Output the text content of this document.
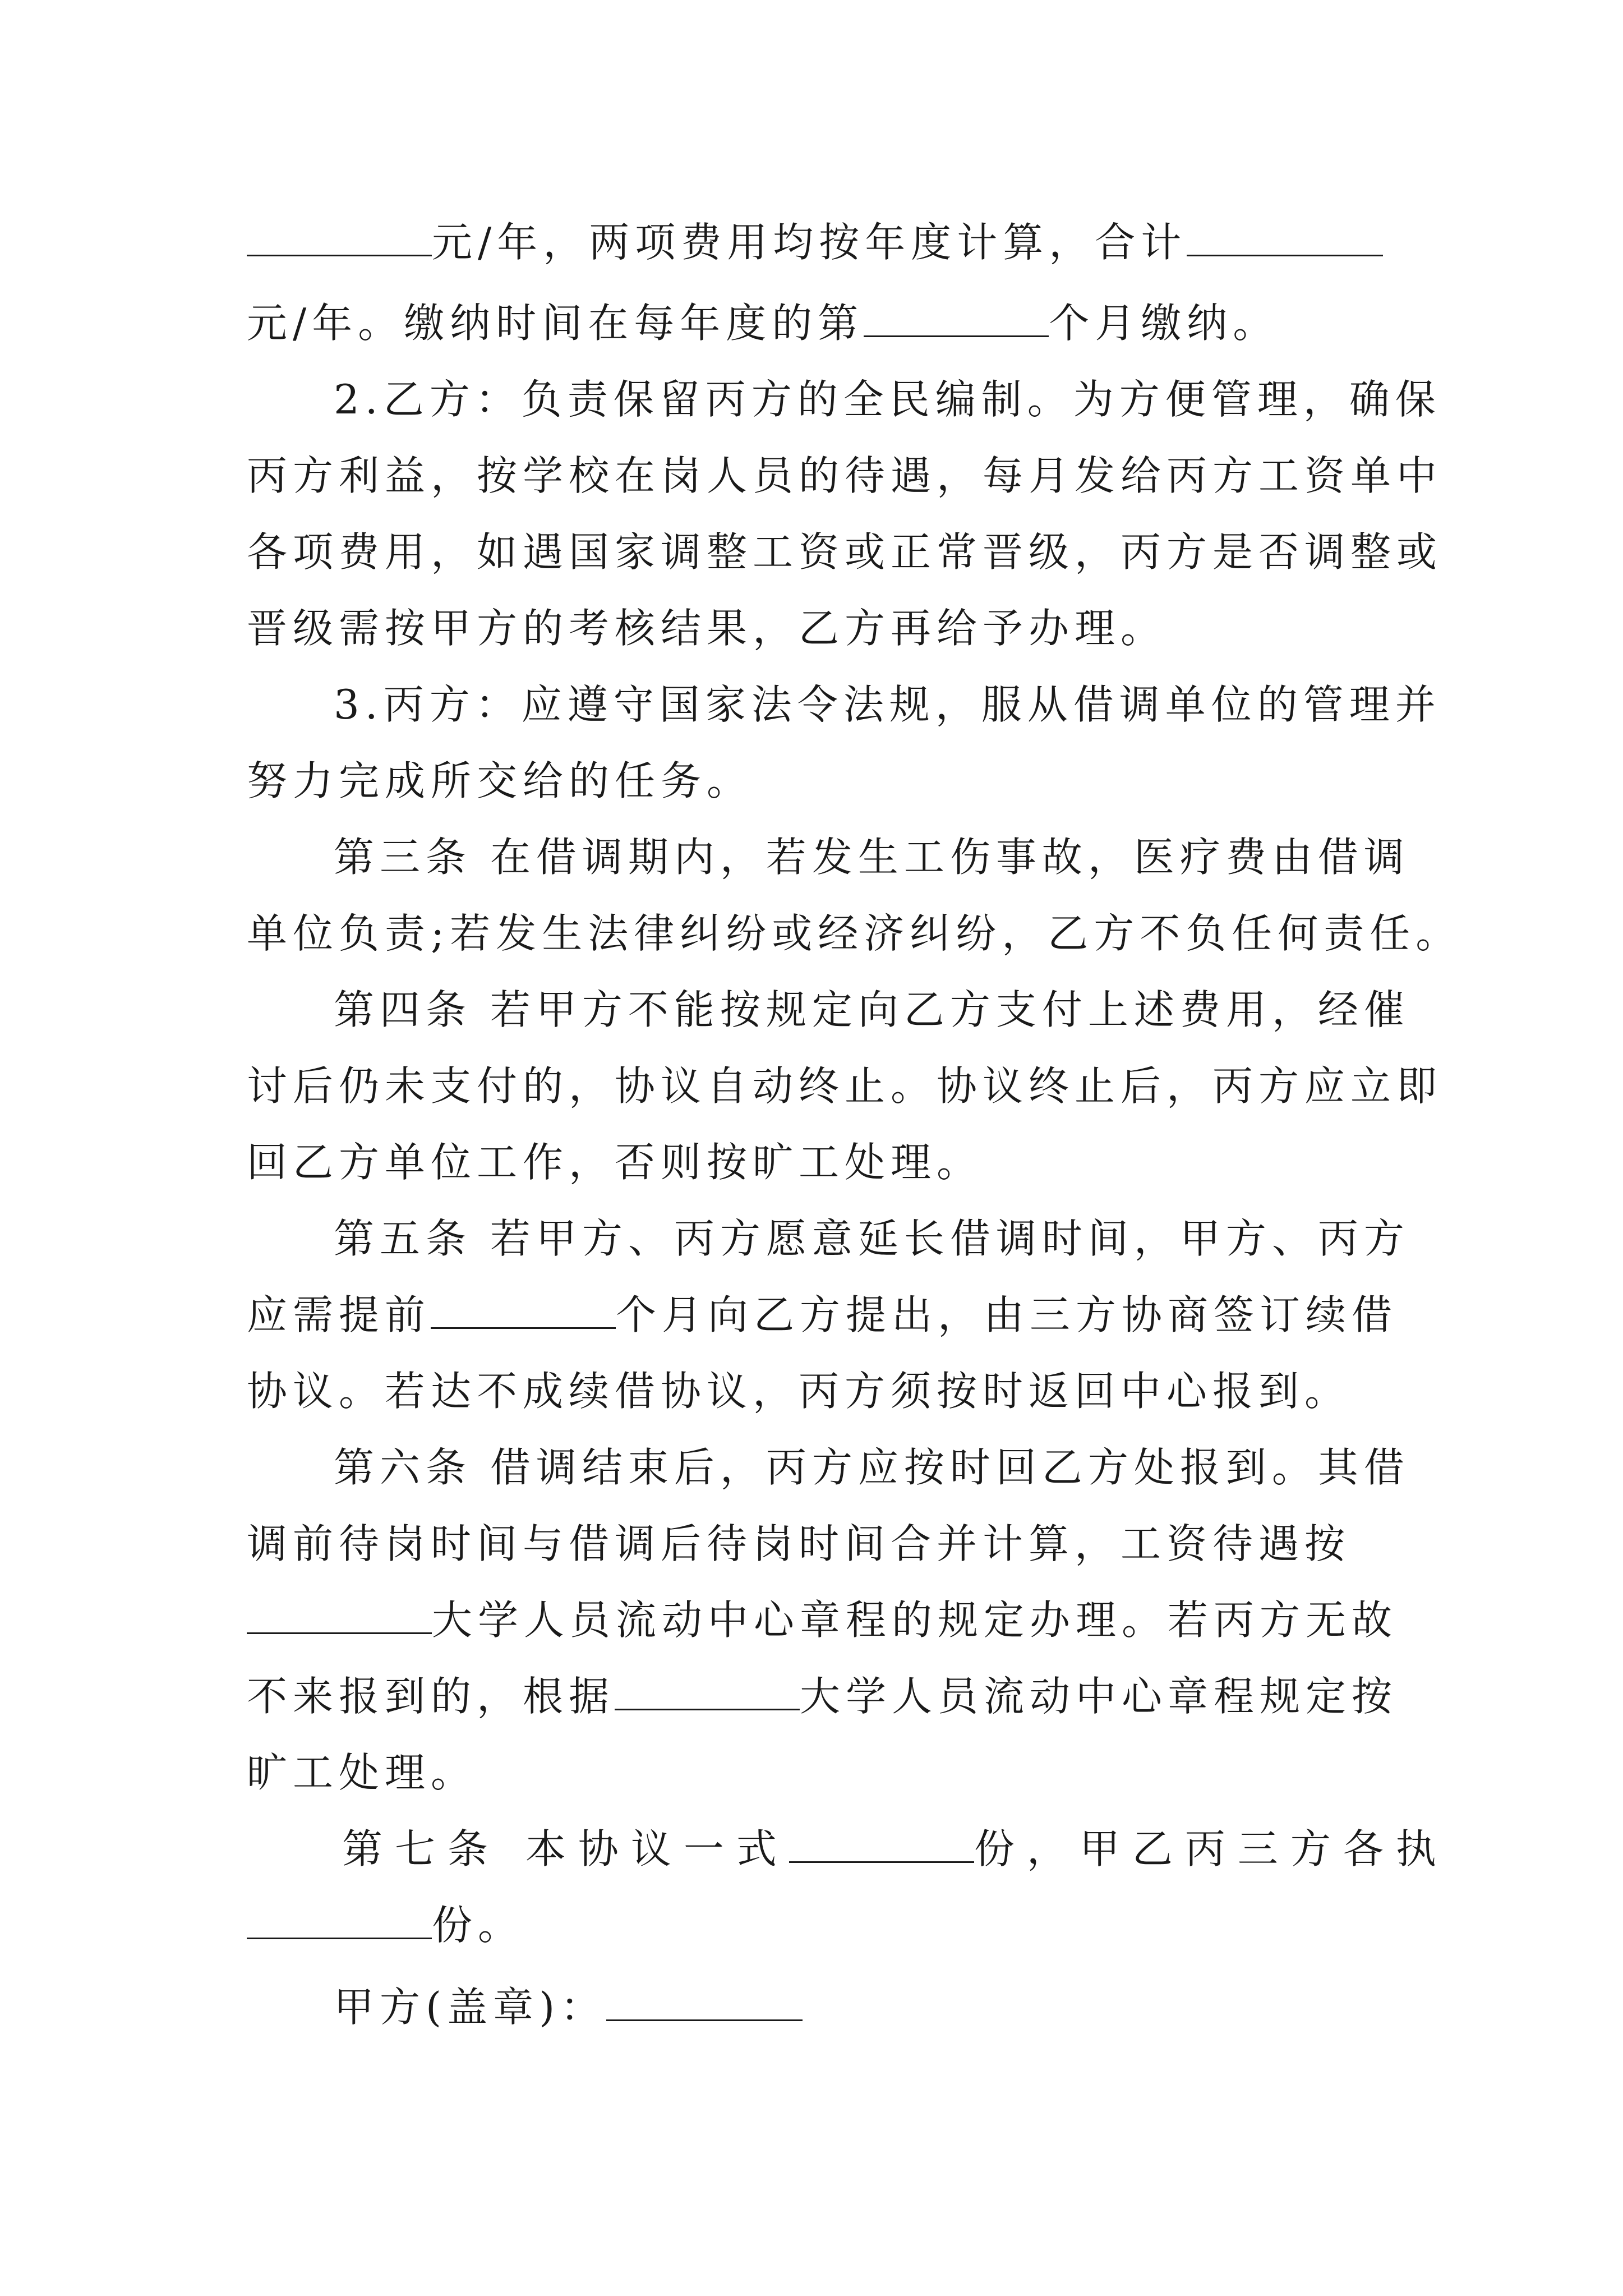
元/年，两项费用均按年度计算，合计
元/年。缴纳时间在每年度的第	个月缴纳。
2.乙方：负责保留丙方的全民编制。为方便管理，确保
丙方利益，按学校在岗人员的待遇，每月发给丙方工资单中
各项费用，如遇国家调整工资或正常晋级，丙方是否调整或
晋级需按甲方的考核结果，乙方再给予办理。
3.丙方：应遵守国家法令法规，服从借调单位的管理并
努力完成所交给的任务。
第三条 在借调期内，若发生工伤事故，医疗费由借调
单位负责;若发生法律纠纷或经济纠纷，乙方不负任何责任。
第四条 若甲方不能按规定向乙方支付上述费用，经催
讨后仍未支付的，协议自动终止。协议终止后，丙方应立即
回乙方单位工作，否则按旷工处理。
第五条 若甲方、丙方愿意延长借调时间，甲方、丙方
应需提前	个月向乙方提出，由三方协商签订续借
协议。若达不成续借协议，丙方须按时返回中心报到。
第六条 借调结束后，丙方应按时回乙方处报到。其借
调前待岗时间与借调后待岗时间合并计算，工资待遇按
大学人员流动中心章程的规定办理。若丙方无故
不来报到的，根据	大学人员流动中心章程规定按
旷工处理。
第七条 本协议一式	份，甲乙丙三方各执
份。
甲方(盖章)：
